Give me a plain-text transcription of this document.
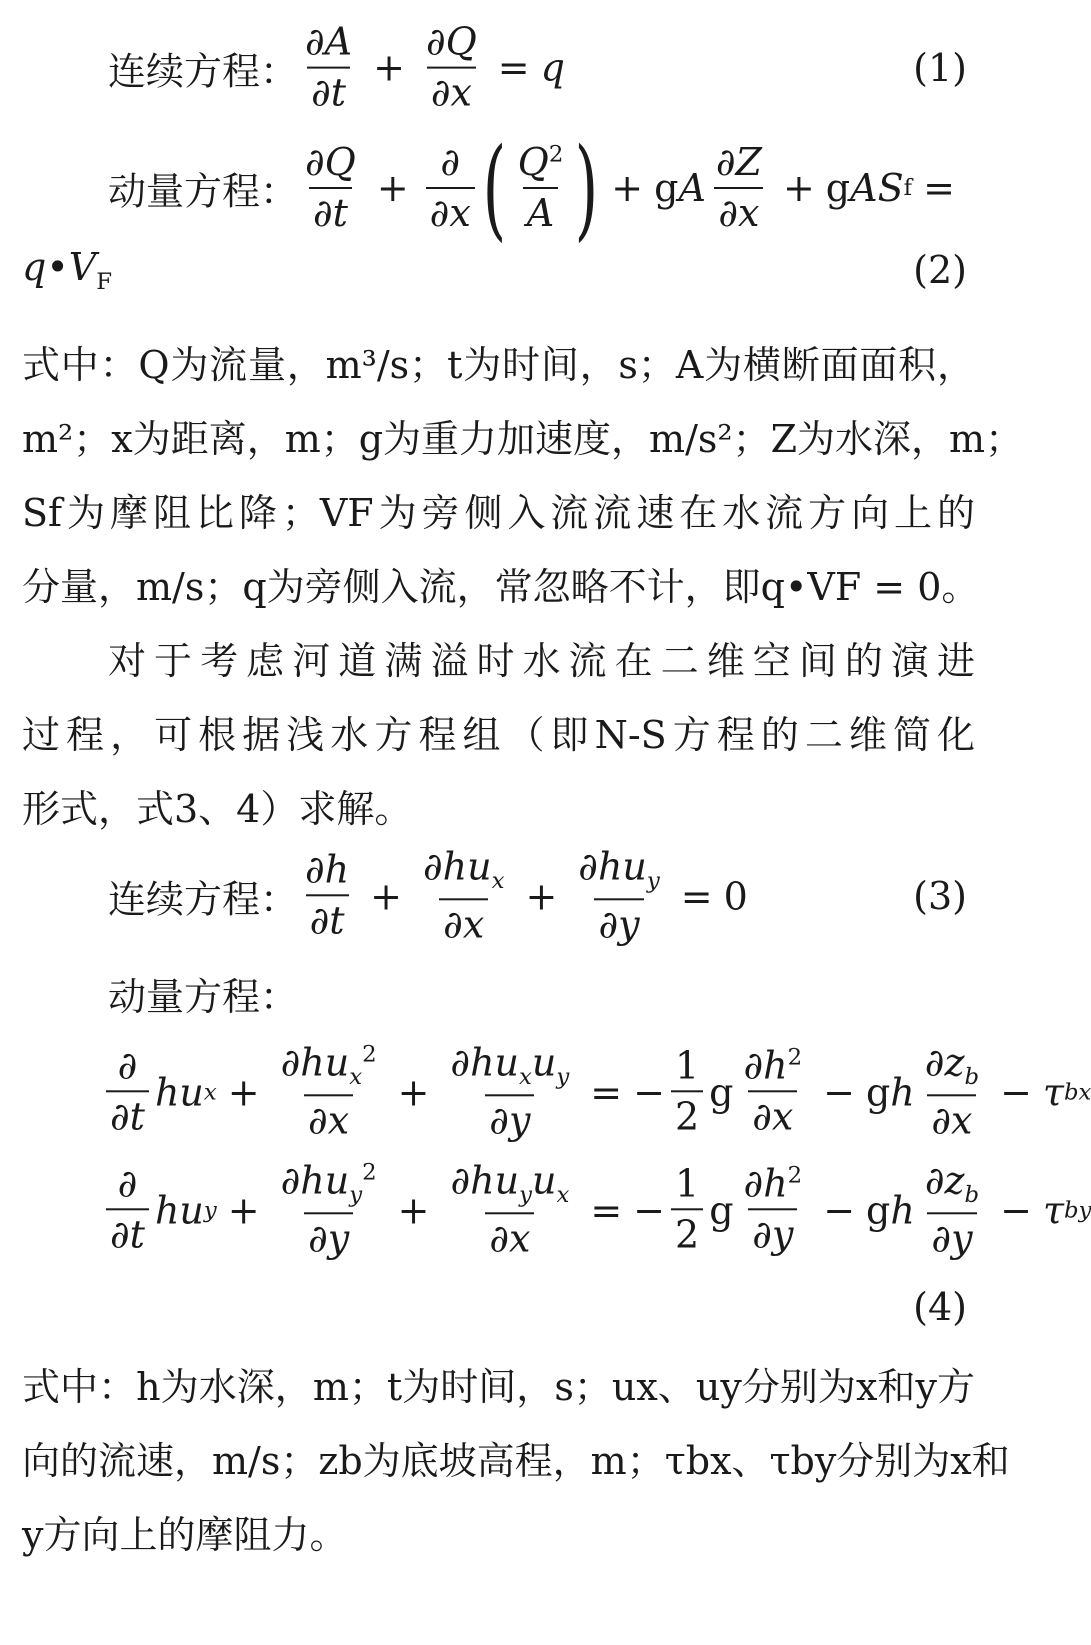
连续方程： $\frac{\partial A}{\partial t} + \frac{\partial Q}{\partial x} = q$	(1)
动量方程： $\frac{\partial Q}{\partial t} + \frac{\partial}{\partial x}$ ( $\frac{Q^2}{A}$ ) + g A $\frac{\partial Z}{\partial x} + g$ AS f =
$q•V_F$	(2)
式中：Q为流量，m³/s；t为时间，s；A为横断面面积，
m²；x为距离，m；g为重力加速度，m/s²；Z为水深，m；
Sf为摩阻比降；VF为旁侧入流流速在水流方向上的
分量，m/s；q为旁侧入流，常忽略不计，即q•VF = 0。
对于考虑河道满溢时水流在二维空间的演进
过程，可根据浅水方程组（即N-S方程的二维简化
形式，式3、4）求解。
连续方程： $\frac{\partial h}{\partial t} + \frac{\partial hu_x}{\partial x} + \frac{\partial hu_y}{\partial y} = 0$	(3)
动量方程：
$\frac{\partial}{\partial t}$ hu $x + \frac{\partial hu_x^2}{\partial x} + \frac{\partial hu_xu_y}{\partial y}$ = − $\frac{1}{2}$ g $\frac{\partial h^2}{\partial x} - g$ h $\frac{\partial z_b}{\partial x} - \tau$ bx
$\frac{\partial}{\partial t}$ hu $y + \frac{\partial hu_y^2}{\partial y} + \frac{\partial hu_yu_x}{\partial x}$ = − $\frac{1}{2}$ g $\frac{\partial h^2}{\partial y} - g$ h $\frac{\partial z_b}{\partial y} - \tau$ by
(4)
式中：h为水深，m；t为时间，s；ux、uy分别为x和y方
向的流速，m/s；zb为底坡高程，m；τbx、τby分别为x和
y方向上的摩阻力。
